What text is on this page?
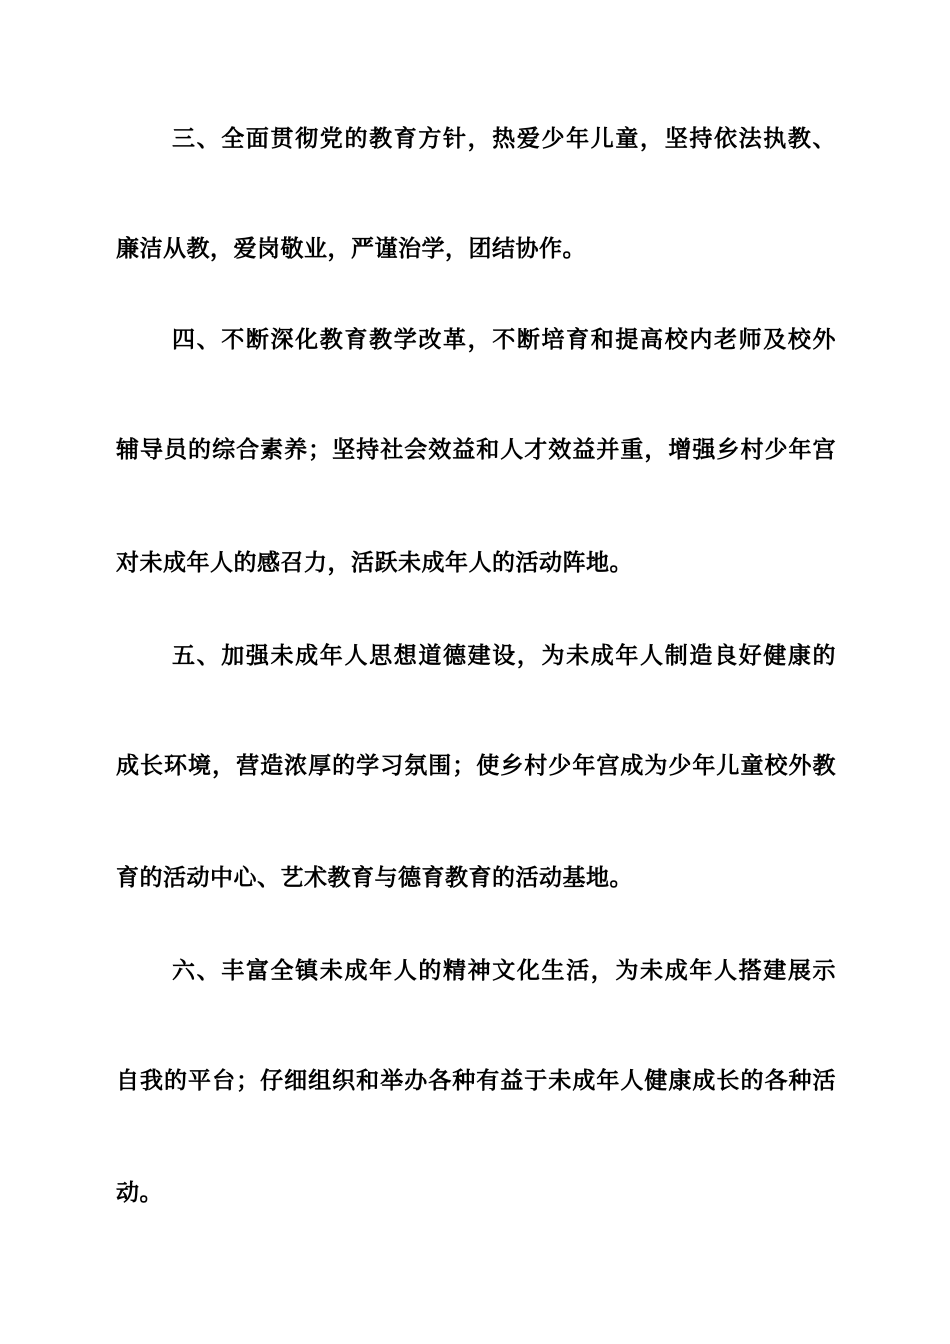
三、全面贯彻党的教育方针，热爱少年儿童，坚持依法执教、
廉洁从教，爱岗敬业，严谨治学，团结协作。
四、不断深化教育教学改革，不断培育和提高校内老师及校外
辅导员的综合素养；坚持社会效益和人才效益并重，增强乡村少年宫
对未成年人的感召力，活跃未成年人的活动阵地。
五、加强未成年人思想道德建设，为未成年人制造良好健康的
成长环境，营造浓厚的学习氛围；使乡村少年宫成为少年儿童校外教
育的活动中心、艺术教育与德育教育的活动基地。
六、丰富全镇未成年人的精神文化生活，为未成年人搭建展示
自我的平台；仔细组织和举办各种有益于未成年人健康成长的各种活
动。
